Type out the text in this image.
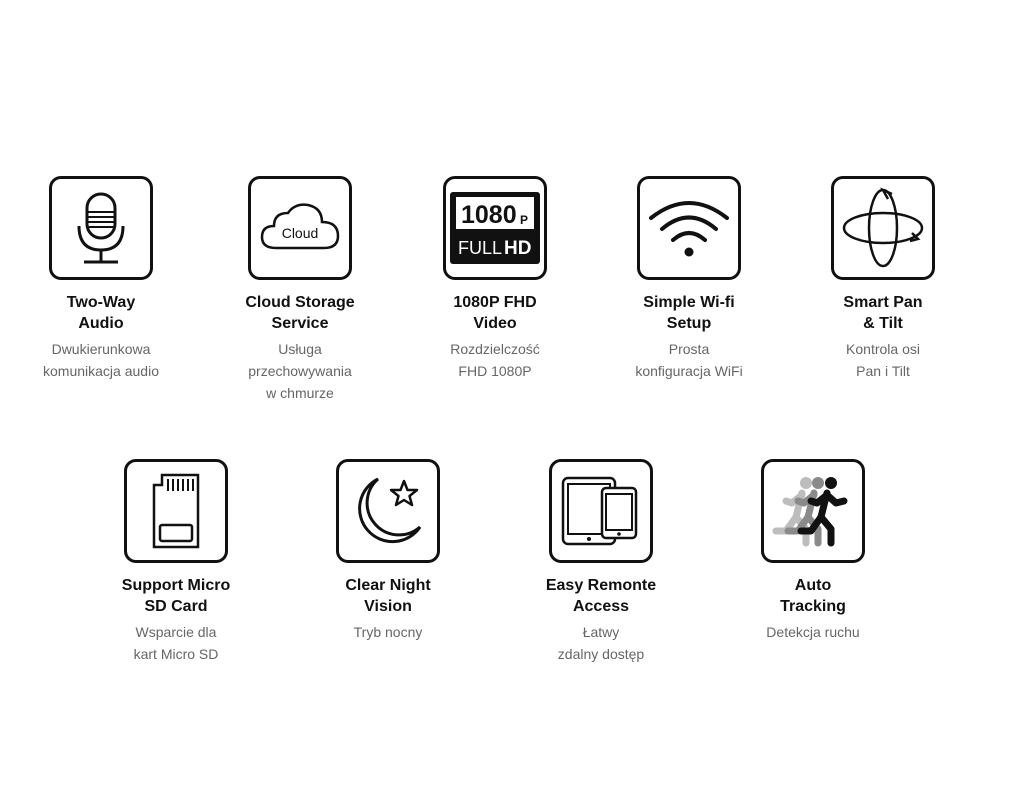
Two-Way
Audio
Dwukierunkowa
komunikacja audio
Cloud
Cloud Storage
Service
Usługa
przechowywania
w chmurze
1080 P
FULL HD
1080P FHD
Video
Rozdzielczość
FHD 1080P
Simple Wi-fi
Setup
Prosta
konfiguracja WiFi
Smart Pan
& Tilt
Kontrola osi
Pan i Tilt
Support Micro
SD Card
Wsparcie dla
kart Micro SD
Clear Night
Vision
Tryb nocny
Easy Remonte
Access
Łatwy
zdalny dostęp
Auto
Tracking
Detekcja ruchu
